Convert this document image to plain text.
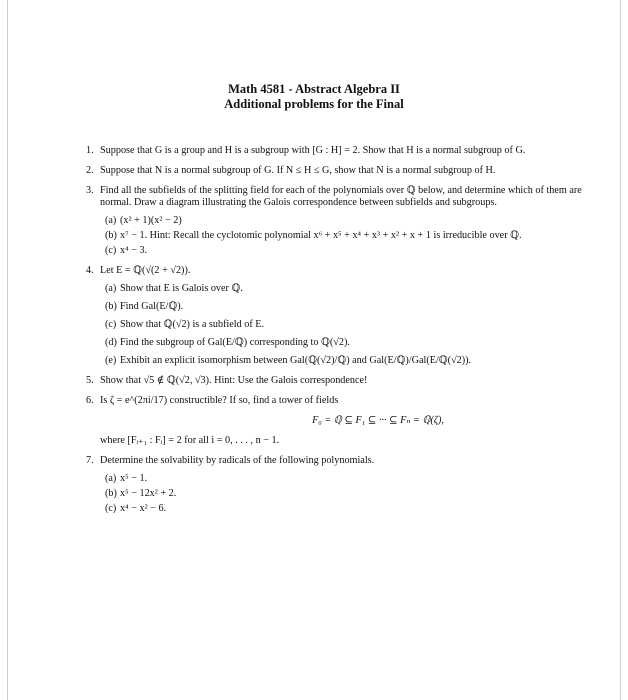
Math 4581 - Abstract Algebra II
Additional problems for the Final
1. Suppose that G is a group and H is a subgroup with [G : H] = 2. Show that H is a normal subgroup of G.
2. Suppose that N is a normal subgroup of G. If N ≤ H ≤ G, show that N is a normal subgroup of H.
3. Find all the subfields of the splitting field for each of the polynomials over ℚ below, and determine which of them are normal. Draw a diagram illustrating the Galois correspondence between subfields and subgroups.
(a) (x² + 1)(x² − 2)
(b) x⁷ − 1. Hint: Recall the cyclotomic polynomial x⁶ + x⁵ + x⁴ + x³ + x² + x + 1 is irreducible over ℚ.
(c) x⁴ − 3.
4. Let E = ℚ(√(2 + √2)).
(a) Show that E is Galois over ℚ.
(b) Find Gal(E/ℚ).
(c) Show that ℚ(√2) is a subfield of E.
(d) Find the subgroup of Gal(E/ℚ) corresponding to ℚ(√2).
(e) Exhibit an explicit isomorphism between Gal(ℚ(√2)/ℚ) and Gal(E/ℚ)/Gal(E/ℚ(√2)).
5. Show that √5 ∉ ℚ(√2, √3). Hint: Use the Galois correspondence!
6. Is ζ = e^(2πi/17) constructible? If so, find a tower of fields
F₀ = ℚ ⊆ F₁ ⊆ ··· ⊆ Fₙ = ℚ(ζ),
where [Fᵢ₊₁ : Fᵢ] = 2 for all i = 0, . . . , n − 1.
7. Determine the solvability by radicals of the following polynomials.
(a) x⁵ − 1.
(b) x⁵ − 12x² + 2.
(c) x⁴ − x² − 6.
